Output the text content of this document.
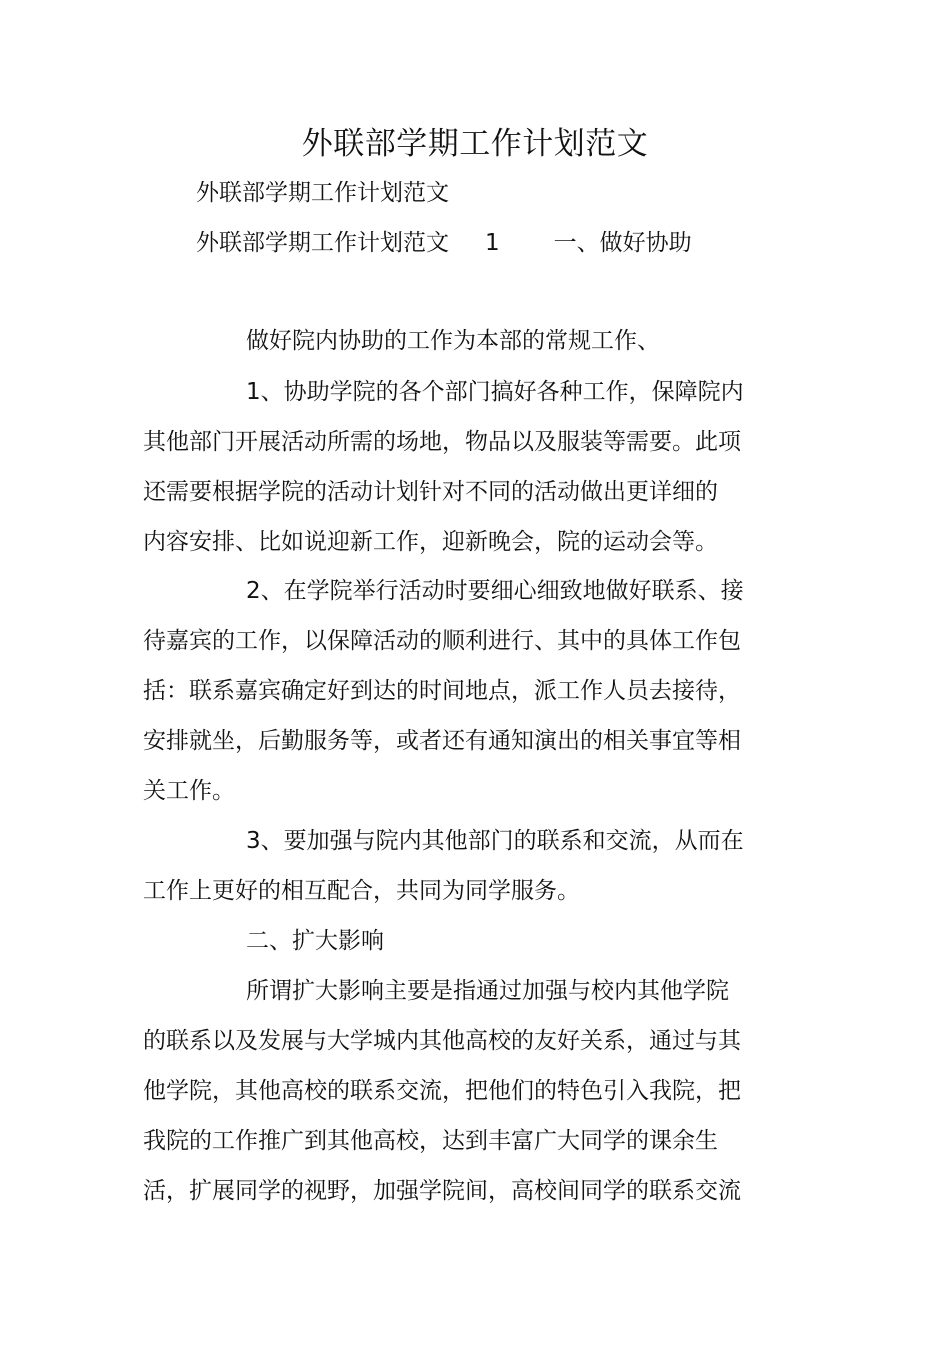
外联部学期工作计划范文
外联部学期工作计划范文
外联部学期工作计划范文 1 一、做好协助
做好院内协助的工作为本部的常规工作、
1、协助学院的各个部门搞好各种工作，保障院内
其他部门开展活动所需的场地，物品以及服装等需要。此项
还需要根据学院的活动计划针对不同的活动做出更详细的
内容安排、比如说迎新工作，迎新晚会，院的运动会等。
2、在学院举行活动时要细心细致地做好联系、接
待嘉宾的工作，以保障活动的顺利进行、其中的具体工作包
括：联系嘉宾确定好到达的时间地点，派工作人员去接待，
安排就坐，后勤服务等，或者还有通知演出的相关事宜等相
关工作。
3、要加强与院内其他部门的联系和交流，从而在
工作上更好的相互配合，共同为同学服务。
二、扩大影响
所谓扩大影响主要是指通过加强与校内其他学院
的联系以及发展与大学城内其他高校的友好关系，通过与其
他学院，其他高校的联系交流，把他们的特色引入我院，把
我院的工作推广到其他高校，达到丰富广大同学的课余生
活，扩展同学的视野，加强学院间，高校间同学的联系交流
